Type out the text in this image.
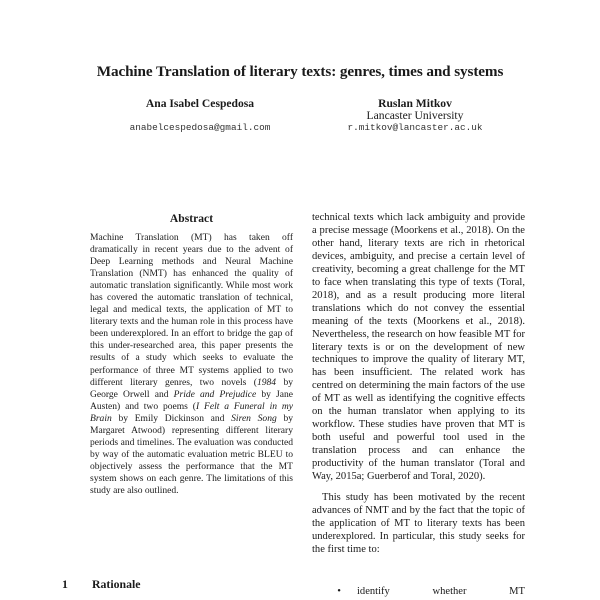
Machine Translation of literary texts: genres, times and systems
Ana Isabel Cespedosa
anabelcespedosa@gmail.com
Ruslan Mitkov
Lancaster University
r.mitkov@lancaster.ac.uk
Abstract
Machine Translation (MT) has taken off dramatically in recent years due to the advent of Deep Learning methods and Neural Machine Translation (NMT) has enhanced the quality of automatic translation significantly. While most work has covered the automatic translation of technical, legal and medical texts, the application of MT to literary texts and the human role in this process have been underexplored. In an effort to bridge the gap of this under-researched area, this paper presents the results of a study which seeks to evaluate the performance of three MT systems applied to two different literary genres, two novels (1984 by George Orwell and Pride and Prejudice by Jane Austen) and two poems (I Felt a Funeral in my Brain by Emily Dickinson and Siren Song by Margaret Atwood) representing different literary periods and timelines. The evaluation was conducted by way of the automatic evaluation metric BLEU to objectively assess the performance that the MT system shows on each genre. The limitations of this study are also outlined.
1 Rationale

technical texts which lack ambiguity and provide a precise message (Moorkens et al., 2018). On the other hand, literary texts are rich in rhetorical devices, ambiguity, and precise a certain level of creativity, becoming a great challenge for the MT to face when translating this type of texts (Toral, 2018), and as a result producing more literal translations which do not convey the essential meaning of the texts (Moorkens et al., 2018). Nevertheless, the research on how feasible MT for literary texts is or on the development of new techniques to improve the quality of literary MT, has been insufficient. The related work has centred on determining the main factors of the use of MT as well as identifying the cognitive effects on the human translator when applying to its workflow. These studies have proven that MT is both useful and powerful tool used in the translation process and can enhance the productivity of the human translator (Toral and Way, 2015a; Guerberof and Toral, 2020).

This study has been motivated by the recent advances of NMT and by the fact that the topic of the application of MT to literary texts has been underexplored. In particular, this study seeks for the first time to:

•	identify	whether	MT
